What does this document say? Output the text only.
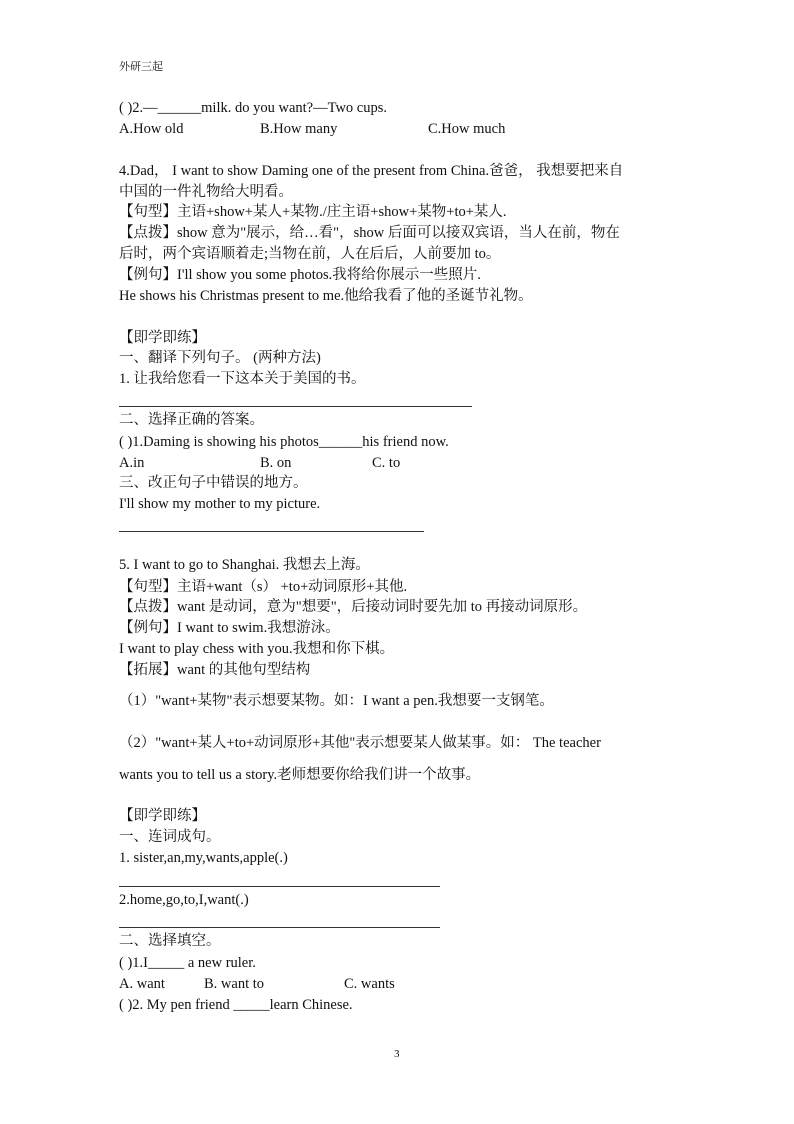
外研三起
( )2.—______milk. do you want?—Two cups.
A.How old	B.How many	C.How much
4.Dad， I want to show Daming one of the present from China.爸爸， 我想要把来自
中国的一件礼物给大明看。
【句型】主语+show+某人+某物./庄主语+show+某物+to+某人.
【点拨】show 意为"展示，给…看"，show 后面可以接双宾语，当人在前，物在
后时，两个宾语顺着走;当物在前，人在后后，人前要加 to。
【例句】I'll show you some photos.我将给你展示一些照片.
He shows his Christmas present to me.他给我看了他的圣诞节礼物。
【即学即练】
一、翻译下列句子。 (两种方法)
1. 让我给您看一下这本关于美国的书。
二、选择正确的答案。
( )1.Daming is showing his photos______his friend now.
A.in	B. on	C. to
三、改正句子中错误的地方。
I'll show my mother to my picture.
5. I want to go to Shanghai. 我想去上海。
【句型】主语+want（s） +to+动词原形+其他.
【点拨】want 是动词，意为"想要"，后接动词时要先加 to 再接动词原形。
【例句】I want to swim.我想游泳。
I want to play chess with you.我想和你下棋。
【拓展】want 的其他句型结构
（1）"want+某物"表示想要某物。如：I want a pen.我想要一支钢笔。
（2）"want+某人+to+动词原形+其他"表示想要某人做某事。如： The teacher
wants you to tell us a story.老师想要你给我们讲一个故事。
【即学即练】
一、连词成句。
1. sister,an,my,wants,apple(.)
2.home,go,to,I,want(.)
二、选择填空。
( )1.I_____ a new ruler.
A. want	B. want to	C. wants
( )2. My pen friend _____learn Chinese.
3
